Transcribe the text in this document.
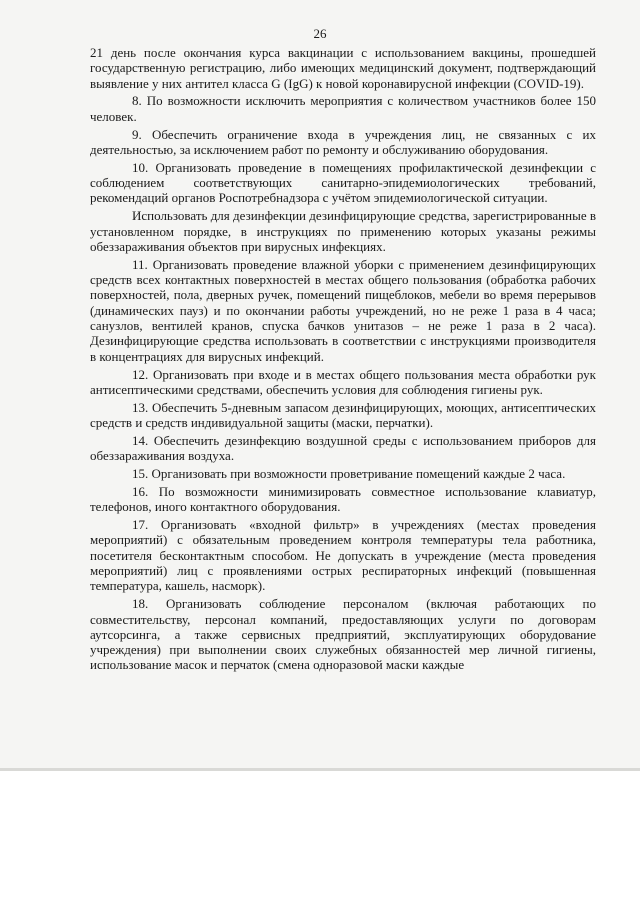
26

21 день после окончания курса вакцинации с использованием вакцины, прошедшей государственную регистрацию, либо имеющих медицинский документ, подтверждающий выявление у них антител класса G (IgG) к новой коронавирусной инфекции (COVID-19).

8. По возможности исключить мероприятия с количеством участников более 150 человек.

9. Обеспечить ограничение входа в учреждения лиц, не связанных с их деятельностью, за исключением работ по ремонту и обслуживанию оборудования.

10. Организовать проведение в помещениях профилактической дезинфекции с соблюдением соответствующих санитарно-эпидемиологических требований, рекомендаций органов Роспотребнадзора с учётом эпидемиологической ситуации.

Использовать для дезинфекции дезинфицирующие средства, зарегистрированные в установленном порядке, в инструкциях по применению которых указаны режимы обеззараживания объектов при вирусных инфекциях.

11. Организовать проведение влажной уборки с применением дезинфицирующих средств всех контактных поверхностей в местах общего пользования (обработка рабочих поверхностей, пола, дверных ручек, помещений пищеблоков, мебели во время перерывов (динамических пауз) и по окончании работы учреждений, но не реже 1 раза в 4 часа; санузлов, вентилей кранов, спуска бачков унитазов – не реже 1 раза в 2 часа). Дезинфицирующие средства использовать в соответствии с инструкциями производителя в концентрациях для вирусных инфекций.

12. Организовать при входе и в местах общего пользования места обработки рук антисептическими средствами, обеспечить условия для соблюдения гигиены рук.

13. Обеспечить 5-дневным запасом дезинфицирующих, моющих, антисептических средств и средств индивидуальной защиты (маски, перчатки).

14. Обеспечить дезинфекцию воздушной среды с использованием приборов для обеззараживания воздуха.

15. Организовать при возможности проветривание помещений каждые 2 часа.

16. По возможности минимизировать совместное использование клавиатур, телефонов, иного контактного оборудования.

17. Организовать «входной фильтр» в учреждениях (местах проведения мероприятий) с обязательным проведением контроля температуры тела работника, посетителя бесконтактным способом. Не допускать в учреждение (места проведения мероприятий) лиц с проявлениями острых респираторных инфекций (повышенная температура, кашель, насморк).

18. Организовать соблюдение персоналом (включая работающих по совместительству, персонал компаний, предоставляющих услуги по договорам аутсорсинга, а также сервисных предприятий, эксплуатирующих оборудование учреждения) при выполнении своих служебных обязанностей мер личной гигиены, использование масок и перчаток (смена одноразовой маски каждые
